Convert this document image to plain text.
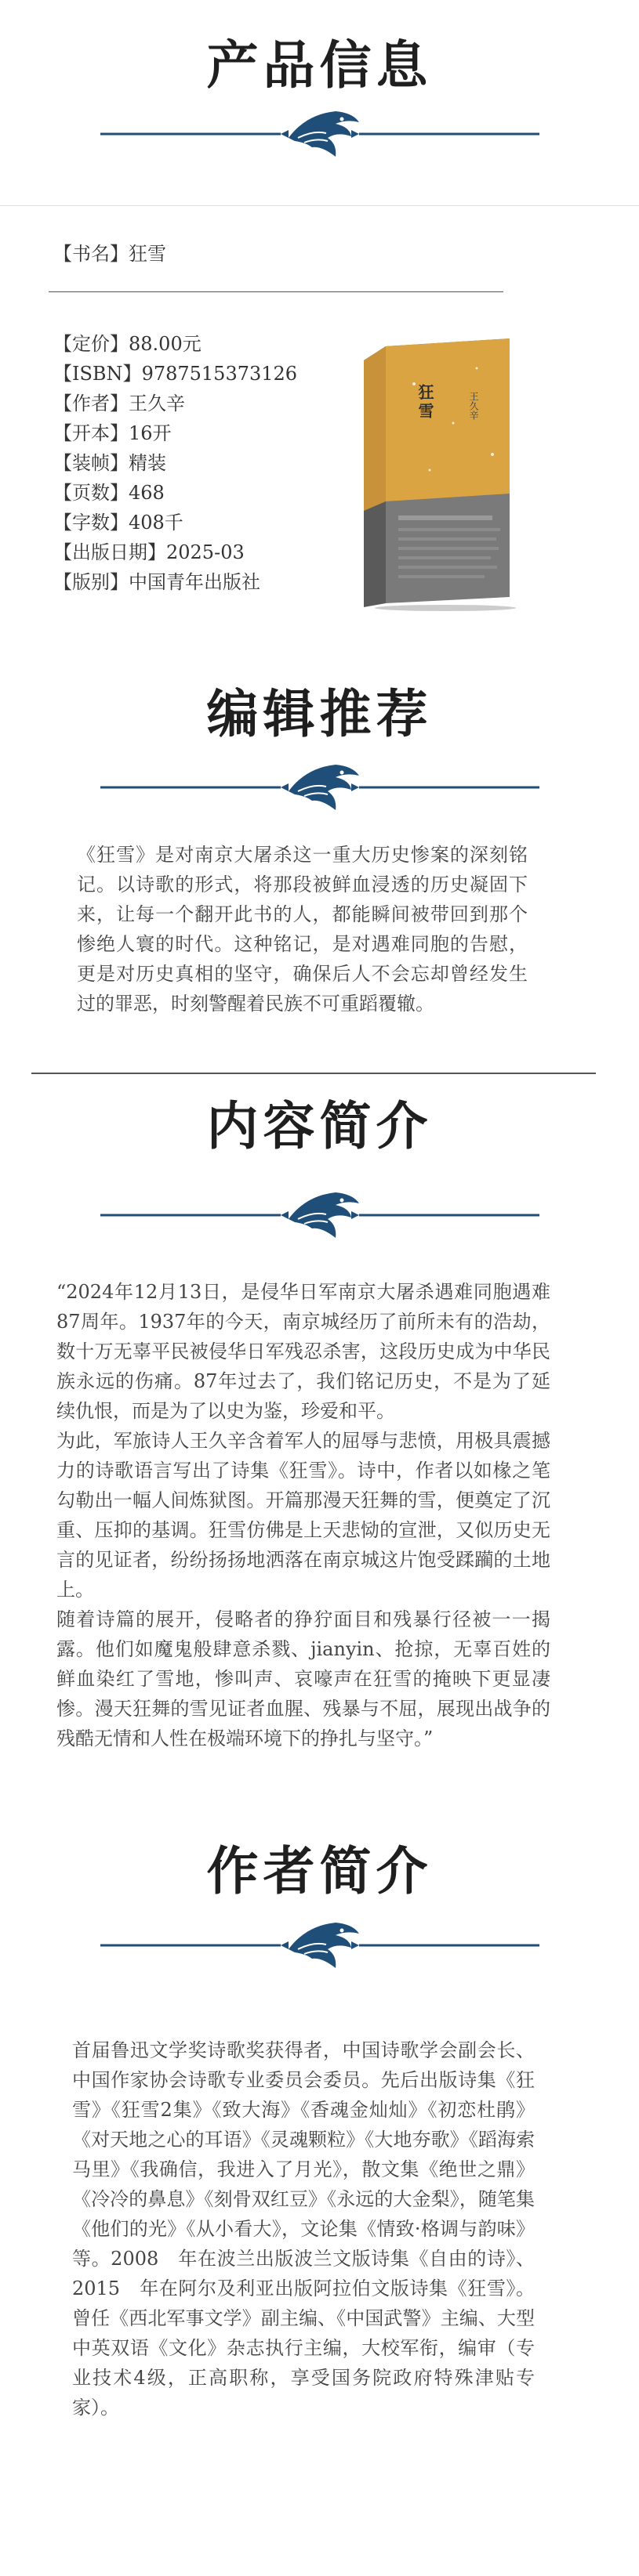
产品信息
【书名】狂雪
【定价】88.00元
【ISBN】9787515373126
【作者】王久辛
【开本】16开
【装帧】精装
【页数】468
【字数】408千
【出版日期】2025-03
【版别】中国青年出版社
狂雪	王久辛
编辑推荐

《狂雪》是对南京大屠杀这一重大历史惨案的深刻铭记。以诗歌的形式，将那段被鲜血浸透的历史凝固下来，让每一个翻开此书的人，都能瞬间被带回到那个惨绝人寰的时代。这种铭记，是对遇难同胞的告慰，更是对历史真相的坚守，确保后人不会忘却曾经发生过的罪恶，时刻警醒着民族不可重蹈覆辙。

内容简介

“2024年12月13日，是侵华日军南京大屠杀遇难同胞遇难87周年。1937年的今天，南京城经历了前所未有的浩劫，数十万无辜平民被侵华日军残忍杀害，这段历史成为中华民族永远的伤痛。87年过去了，我们铭记历史，不是为了延续仇恨，而是为了以史为鉴，珍爱和平。

为此，军旅诗人王久辛含着军人的屈辱与悲愤，用极具震撼力的诗歌语言写出了诗集《狂雪》。诗中，作者以如椽之笔勾勒出一幅人间炼狱图。开篇那漫天狂舞的雪，便奠定了沉重、压抑的基调。狂雪仿佛是上天悲恸的宣泄，又似历史无言的见证者，纷纷扬扬地洒落在南京城这片饱受蹂躏的土地上。

随着诗篇的展开，侵略者的狰狞面目和残暴行径被一一揭露。他们如魔鬼般肆意杀戮、jianyin、抢掠，无辜百姓的鲜血染红了雪地，惨叫声、哀嚎声在狂雪的掩映下更显凄惨。漫天狂舞的雪见证者血腥、残暴与不屈，展现出战争的残酷无情和人性在极端环境下的挣扎与坚守。”

作者简介

首届鲁迅文学奖诗歌奖获得者，中国诗歌学会副会长、中国作家协会诗歌专业委员会委员。先后出版诗集《狂雪》《狂雪2集》《致大海》《香魂金灿灿》《初恋杜鹃》《对天地之心的耳语》《灵魂颗粒》《大地夯歌》《蹈海索马里》《我确信，我进入了月光》，散文集《绝世之鼎》《冷冷的鼻息》《刻骨双红豆》《永远的大金梨》，随笔集《他们的光》《从小看大》，文论集《情致·格调与韵味》等。2008　年在波兰出版波兰文版诗集《自由的诗》、2015　年在阿尔及利亚出版阿拉伯文版诗集《狂雪》。曾任《西北军事文学》副主编、《中国武警》主编、大型中英双语《文化》杂志执行主编，大校军衔，编审（专业技术4级，正高职称，享受国务院政府特殊津贴专家）。
